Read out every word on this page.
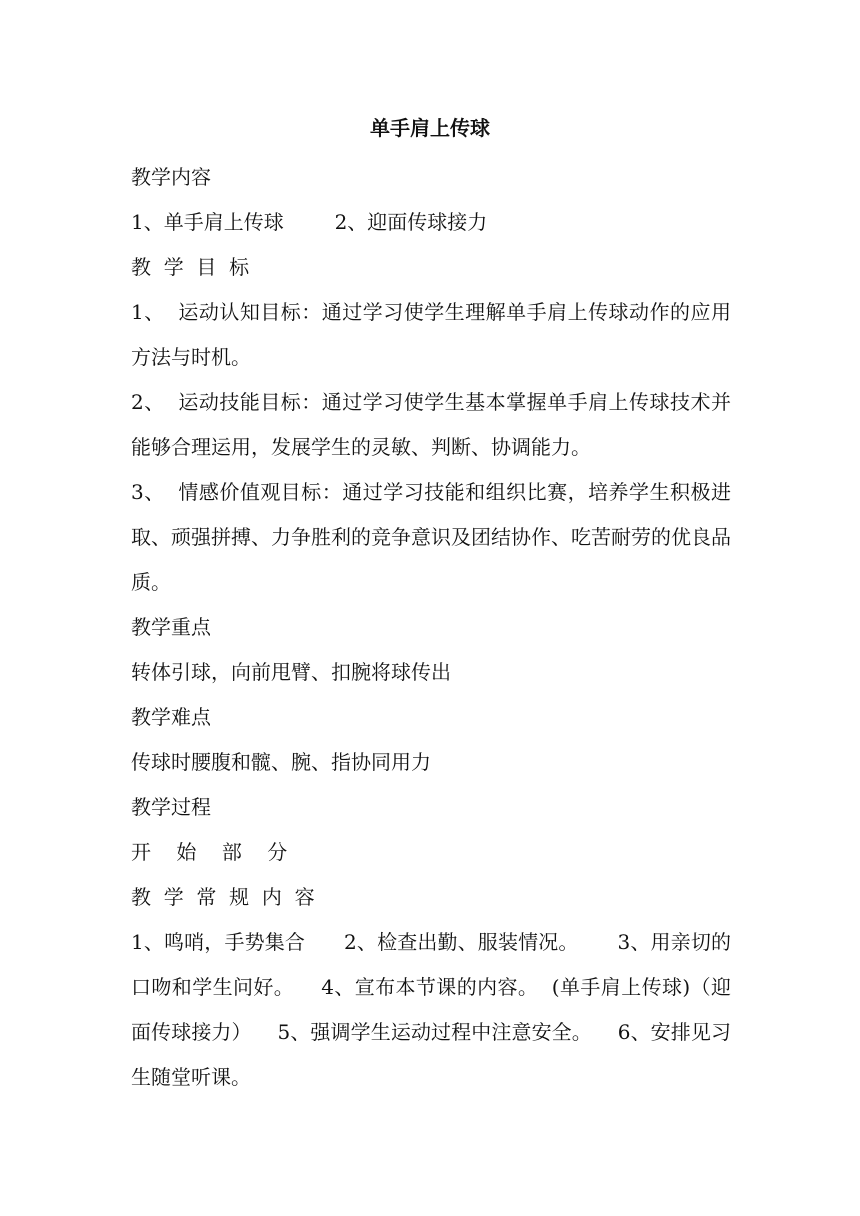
单手肩上传球
教学内容
1、单手肩上传球        2、迎面传球接力
教  学  目  标
1、  运动认知目标：通过学习使学生理解单手肩上传球动作的应用方法与时机。
2、  运动技能目标：通过学习使学生基本掌握单手肩上传球技术并能够合理运用，发展学生的灵敏、判断、协调能力。
3、  情感价值观目标：通过学习技能和组织比赛，培养学生积极进取、顽强拼搏、力争胜利的竞争意识及团结协作、吃苦耐劳的优良品质。
教学重点
转体引球，向前甩臂、扣腕将球传出
教学难点
传球时腰腹和髋、腕、指协同用力
教学过程
开    始    部    分
教  学  常  规  内  容
1、鸣哨，手势集合      2、检查出勤、服装情况。      3、用亲切的口吻和学生问好。    4、宣布本节课的内容。  (单手肩上传球)（迎面传球接力）    5、强调学生运动过程中注意安全。    6、安排见习生随堂听课。
